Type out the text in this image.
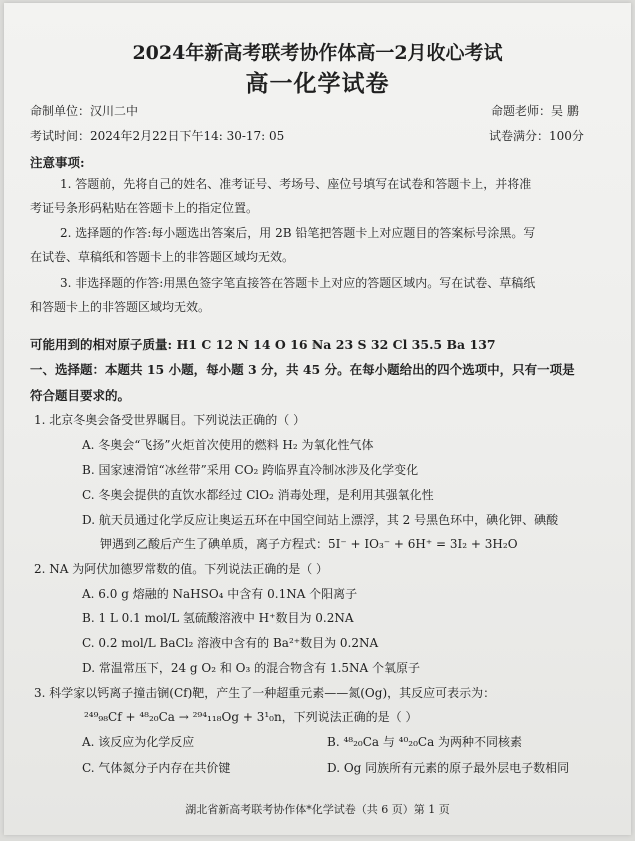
2024年新高考联考协作体高一2月收心考试
高一化学试卷
命制单位：汉川二中	命题老师：吴 鹏
考试时间：2024年2月22日下午14: 30-17: 05	试卷满分：100分
注意事项:
1. 答题前，先将自己的姓名、准考证号、考场号、座位号填写在试卷和答题卡上，并将准
考证号条形码粘贴在答题卡上的指定位置。
2. 选择题的作答:每小题选出答案后，用 2B 铅笔把答题卡上对应题目的答案标号涂黑。写
在试卷、草稿纸和答题卡上的非答题区域均无效。
3. 非选择题的作答:用黑色签字笔直接答在答题卡上对应的答题区域内。写在试卷、草稿纸
和答题卡上的非答题区域均无效。
可能用到的相对原子质量: H1 C 12 N 14 O 16 Na 23 S 32 Cl 35.5 Ba 137
一、选择题：本题共 15 小题，每小题 3 分，共 45 分。在每小题给出的四个选项中，只有一项是
符合题目要求的。
1. 北京冬奥会备受世界瞩目。下列说法正确的（ ）
A. 冬奥会“飞扬”火炬首次使用的燃料 H₂ 为氧化性气体
B. 国家速滑馆“冰丝带”采用 CO₂ 跨临界直冷制冰涉及化学变化
C. 冬奥会提供的直饮水都经过 ClO₂ 消毒处理，是利用其强氧化性
D. 航天员通过化学反应让奥运五环在中国空间站上漂浮，其 2 号黑色环中，碘化钾、碘酸
钾遇到乙酸后产生了碘单质，离子方程式：5I⁻ + IO₃⁻ + 6H⁺ = 3I₂ + 3H₂O
2. NA 为阿伏加德罗常数的值。下列说法正确的是（ ）
A. 6.0 g 熔融的 NaHSO₄ 中含有 0.1NA 个阳离子
B. 1 L 0.1 mol/L 氢硫酸溶液中 H⁺数目为 0.2NA
C. 0.2 mol/L BaCl₂ 溶液中含有的 Ba²⁺数目为 0.2NA
D. 常温常压下，24 g O₂ 和 O₃ 的混合物含有 1.5NA 个氧原子
3. 科学家以钙离子撞击锎(Cf)靶，产生了一种超重元素——氮(Og)，其反应可表示为：
²⁴⁹₉₈Cf + ⁴⁸₂₀Ca → ²⁹⁴₁₁₈Og + 3¹₀n，下列说法正确的是（ ）
A. 该反应为化学反应	B. ⁴⁸₂₀Ca 与 ⁴⁰₂₀Ca 为两种不同核素
C. 气体氮分子内存在共价键	D. Og 同族所有元素的原子最外层电子数相同
湖北省新高考联考协作体*化学试卷（共 6 页）第 1 页
